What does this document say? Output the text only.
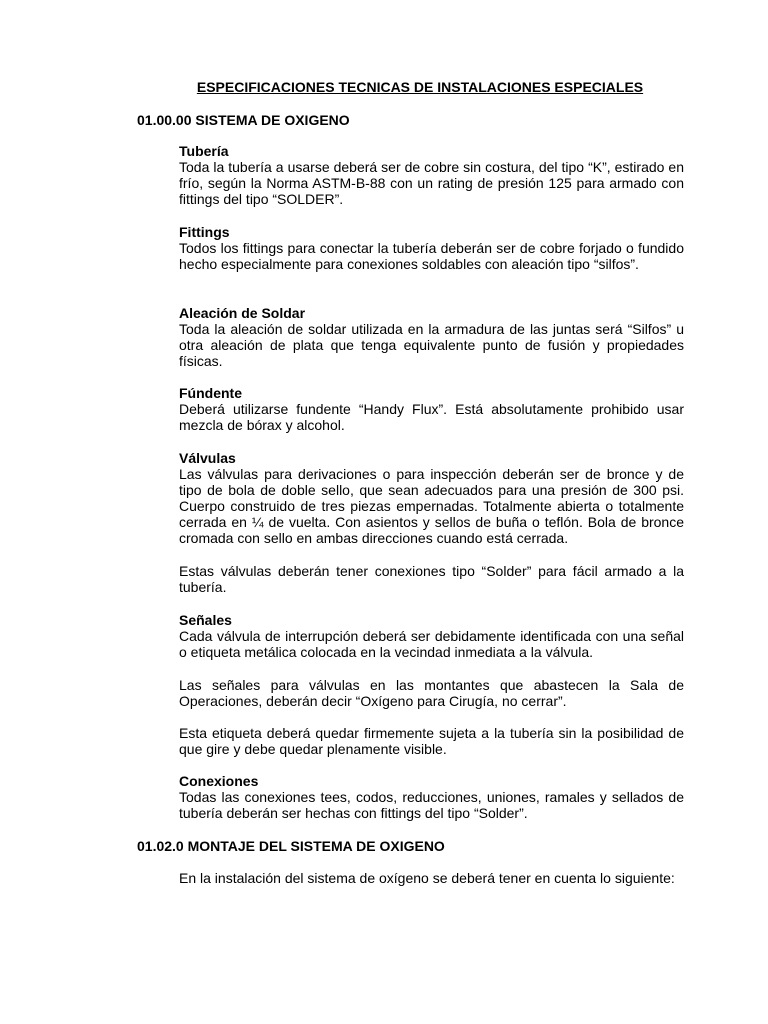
ESPECIFICACIONES TECNICAS DE INSTALACIONES ESPECIALES
01.00.00 SISTEMA DE OXIGENO
Tubería

Toda la tubería a usarse deberá ser de cobre sin costura, del tipo “K”, estirado en frío, según la Norma ASTM-B-88 con un rating de presión 125 para armado con fittings del tipo “SOLDER”.

Fittings

Todos los fittings para conectar la tubería deberán ser de cobre forjado o fundido hecho especialmente para conexiones soldables con aleación tipo “silfos”.

Aleación de Soldar

Toda la aleación de soldar utilizada en la armadura de las juntas será “Silfos” u otra aleación de plata que tenga equivalente punto de fusión y propiedades físicas.

Fúndente

Deberá utilizarse fundente “Handy Flux”. Está absolutamente prohibido usar mezcla de bórax y alcohol.

Válvulas

Las válvulas para derivaciones o para inspección deberán ser de bronce y de tipo de bola de doble sello, que sean adecuados para una presión de 300 psi. Cuerpo construido de tres piezas empernadas. Totalmente abierta o totalmente cerrada en ¼ de vuelta. Con asientos y sellos de buña o teflón. Bola de bronce cromada con sello en ambas direcciones cuando está cerrada.

Estas válvulas deberán tener conexiones tipo “Solder” para fácil armado a la tubería.

Señales

Cada válvula de interrupción deberá ser debidamente identificada con una señal o etiqueta metálica colocada en la vecindad inmediata a la válvula.

Las señales para válvulas en las montantes que abastecen la Sala de Operaciones, deberán decir “Oxígeno para Cirugía, no cerrar”.

Esta etiqueta deberá quedar firmemente sujeta a la tubería sin la posibilidad de que gire y debe quedar plenamente visible.

Conexiones

Todas las conexiones tees, codos, reducciones, uniones, ramales y sellados de tubería deberán ser hechas con fittings del tipo “Solder”.

01.02.0 MONTAJE DEL SISTEMA DE OXIGENO

En la instalación del sistema de oxígeno se deberá tener en cuenta lo siguiente:
